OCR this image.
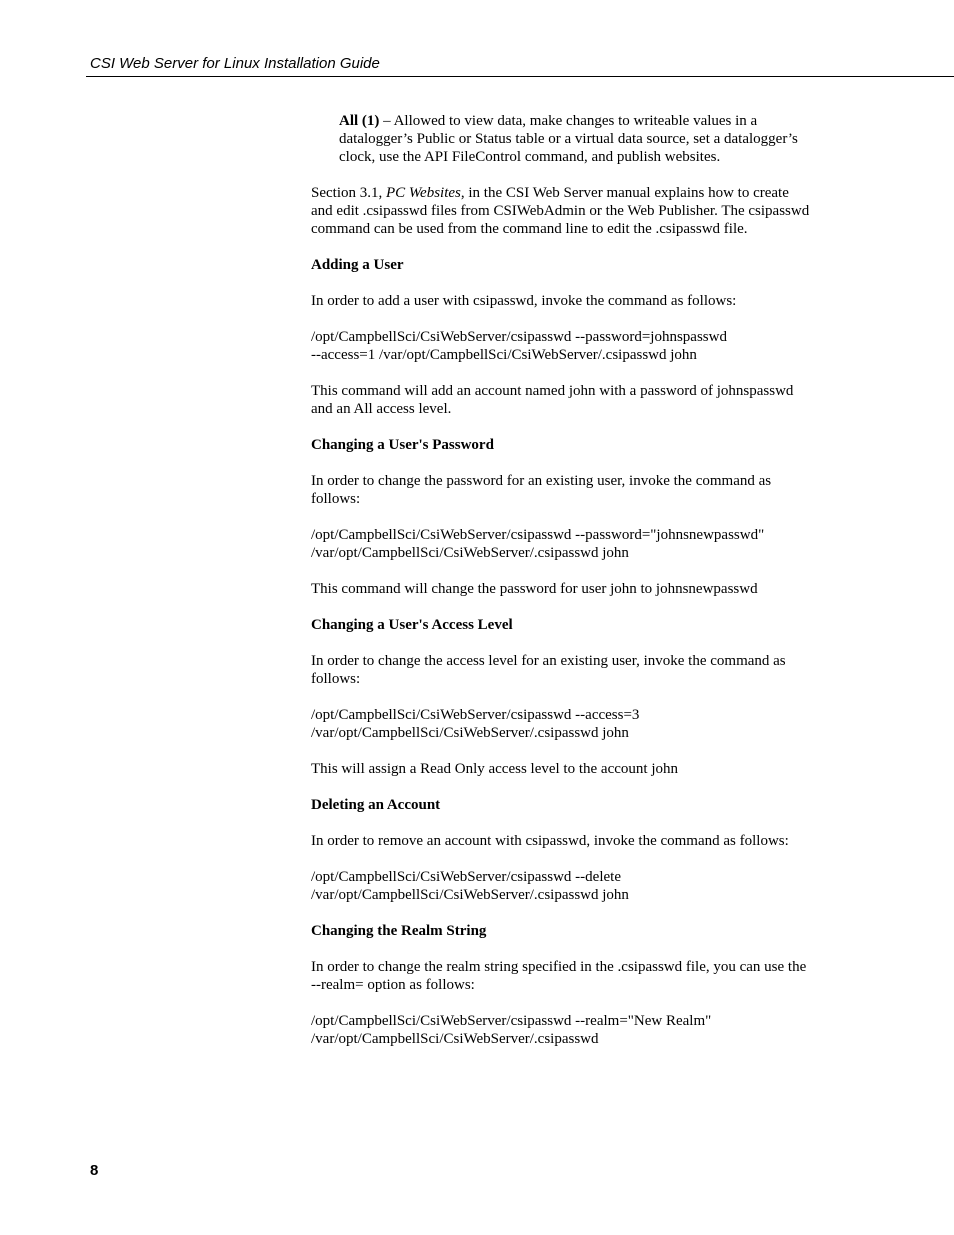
CSI Web Server for Linux Installation Guide

All (1) – Allowed to view data, make changes to writeable values in a datalogger’s Public or Status table or a virtual data source, set a datalogger’s clock, use the API FileControl command, and publish websites.

Section 3.1, PC Websites, in the CSI Web Server manual explains how to create and edit .csipasswd files from CSIWebAdmin or the Web Publisher. The csipasswd command can be used from the command line to edit the .csipasswd file.

Adding a User

In order to add a user with csipasswd, invoke the command as follows:

/opt/CampbellSci/CsiWebServer/csipasswd --password=johnspasswd
--access=1 /var/opt/CampbellSci/CsiWebServer/.csipasswd john

This command will add an account named john with a password of johnspasswd and an All access level.

Changing a User's Password

In order to change the password for an existing user, invoke the command as follows:

/opt/CampbellSci/CsiWebServer/csipasswd --password="johnsnewpasswd"
/var/opt/CampbellSci/CsiWebServer/.csipasswd john

This command will change the password for user john to johnsnewpasswd

Changing a User's Access Level

In order to change the access level for an existing user, invoke the command as follows:

/opt/CampbellSci/CsiWebServer/csipasswd --access=3
/var/opt/CampbellSci/CsiWebServer/.csipasswd john

This will assign a Read Only access level to the account john

Deleting an Account

In order to remove an account with csipasswd, invoke the command as follows:

/opt/CampbellSci/CsiWebServer/csipasswd --delete
/var/opt/CampbellSci/CsiWebServer/.csipasswd john

Changing the Realm String

In order to change the realm string specified in the .csipasswd file, you can use the --realm= option as follows:

/opt/CampbellSci/CsiWebServer/csipasswd --realm="New Realm"
/var/opt/CampbellSci/CsiWebServer/.csipasswd

8
